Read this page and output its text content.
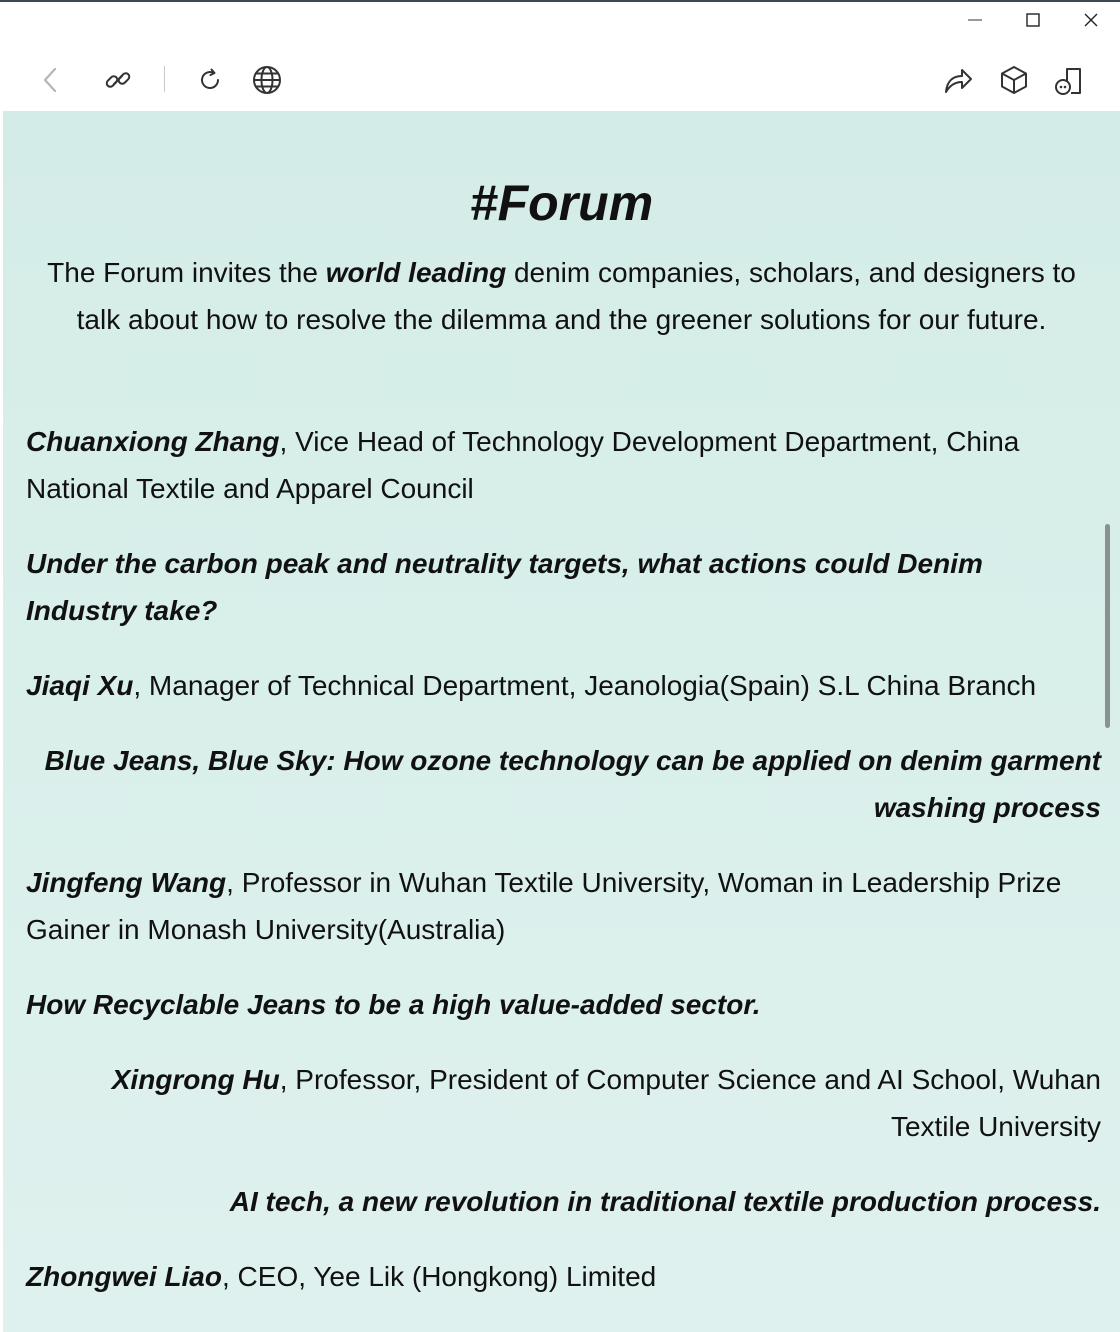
#Forum

The Forum invites the world leading denim companies, scholars, and designers to talk about how to resolve the dilemma and the greener solutions for our future.

Chuanxiong Zhang, Vice Head of Technology Development Department, China National Textile and Apparel Council

Under the carbon peak and neutrality targets, what actions could Denim Industry take?

Jiaqi Xu, Manager of Technical Department, Jeanologia(Spain) S.L China Branch

Blue Jeans, Blue Sky: How ozone technology can be applied on denim garment washing process

Jingfeng Wang, Professor in Wuhan Textile University, Woman in Leadership Prize Gainer in Monash University(Australia)

How Recyclable Jeans to be a high value-added sector.

Xingrong Hu, Professor, President of Computer Science and AI School, Wuhan Textile University

AI tech, a new revolution in traditional textile production process.

Zhongwei Liao, CEO, Yee Lik (Hongkong) Limited
